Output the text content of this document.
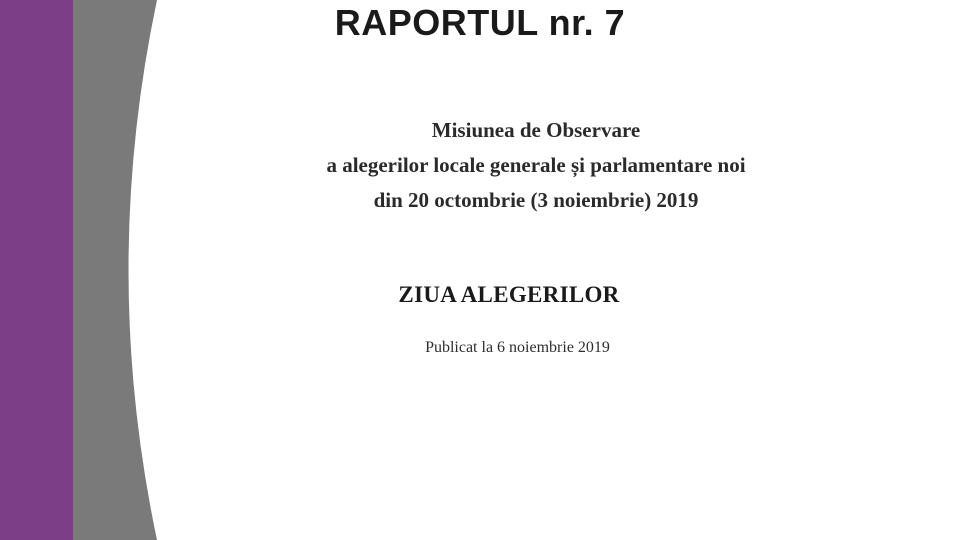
RAPORTUL nr. 7
Misiunea de Observare
a alegerilor locale generale și parlamentare noi
din 20 octombrie (3 noiembrie) 2019
ZIUA ALEGERILOR

Publicat la 6 noiembrie 2019
